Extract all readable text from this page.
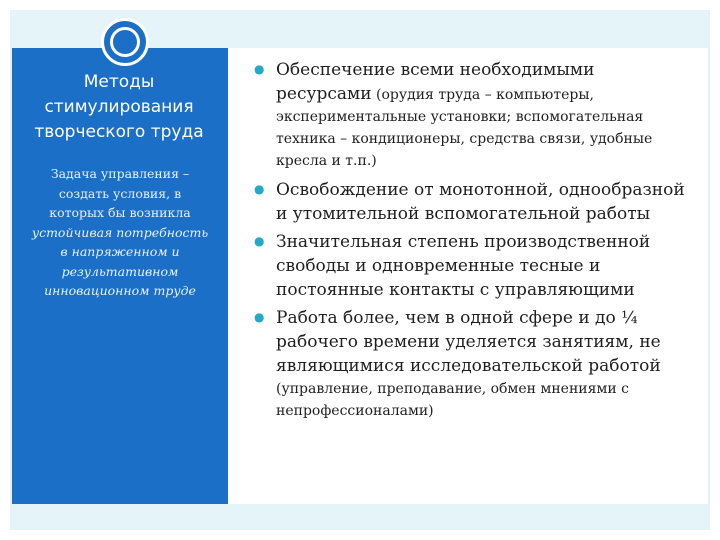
Методы стимулирования творческого труда
Задача управления – создать условия, в которых бы возникла устойчивая потребность в напряженном и результативном инновационном труде
● Обеспечение всеми необходимыми ресурсами (орудия труда – компьютеры, экспериментальные установки; вспомогательная техника – кондиционеры, средства связи, удобные кресла и т.п.)
● Освобождение от монотонной, однообразной и утомительной вспомогательной работы
● Значительная степень производственной свободы и одновременные тесные и постоянные контакты с управляющими
● Работа более, чем в одной сфере и до ¼ рабочего времени уделяется занятиям, не являющимися исследовательской работой
(управление, преподавание, обмен мнениями с непрофессионалами)
